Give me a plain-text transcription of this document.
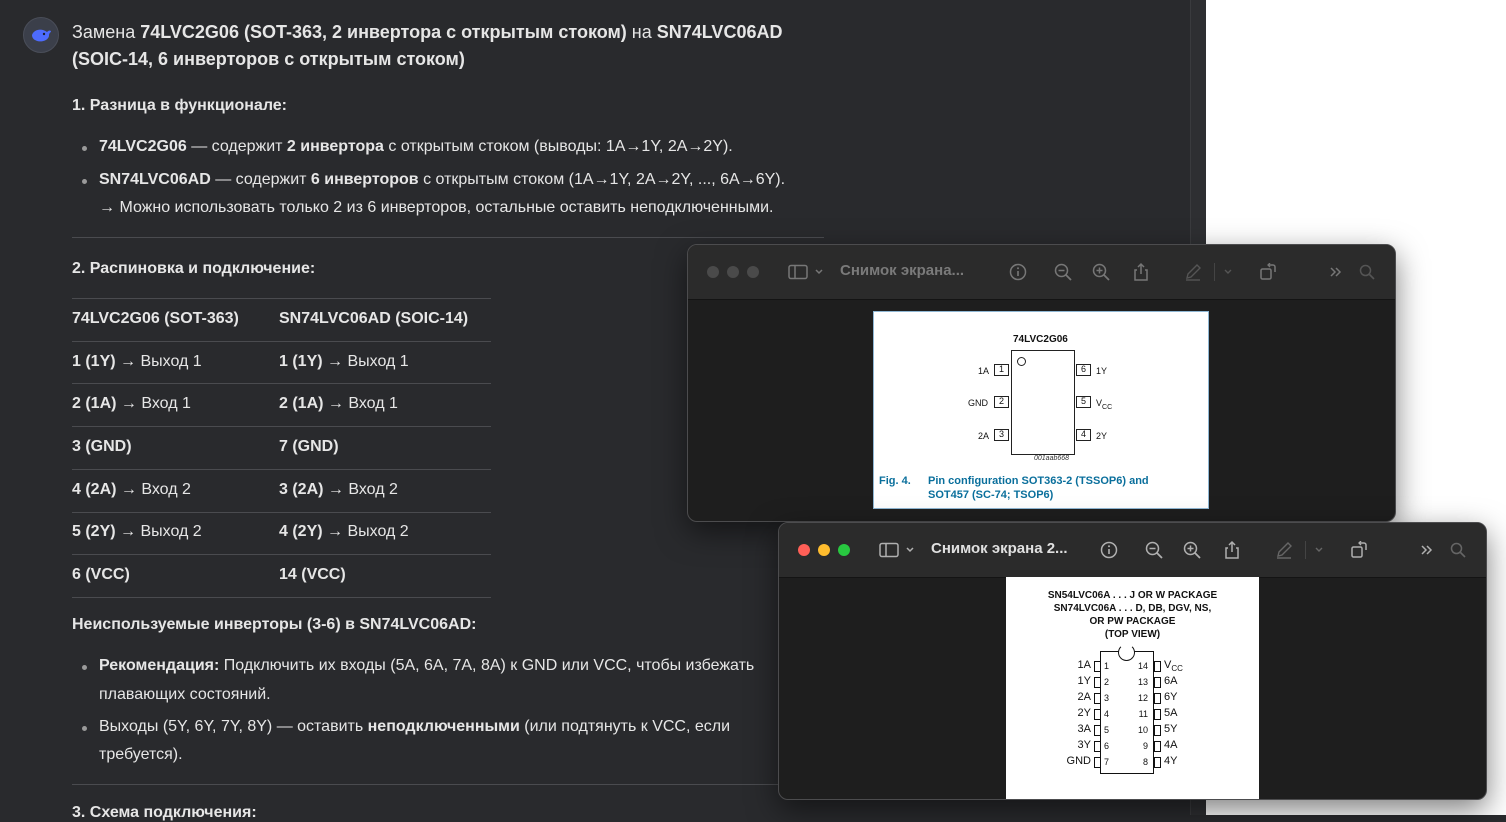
Замена 74LVC2G06 (SOT-363, 2 инвертора с открытым стоком) на SN74LVC06AD
(SOIC-14, 6 инверторов с открытым стоком)
1. Разница в функционале:
74LVC2G06 — содержит 2 инвертора с открытым стоком (выводы: 1A→1Y, 2A→2Y).
SN74LVC06AD — содержит 6 инверторов с открытым стоком (1A→1Y, 2A→2Y, ..., 6A→6Y).
→ Можно использовать только 2 из 6 инверторов, остальные оставить неподключенными.
2. Распиновка и подключение:
74LVC2G06 (SOT-363)	SN74LVC06AD (SOIC-14)
1 (1Y) → Выход 1	1 (1Y) → Выход 1
2 (1A) → Вход 1	2 (1A) → Вход 1
3 (GND)	7 (GND)
4 (2A) → Вход 2	3 (2A) → Вход 2
5 (2Y) → Выход 2	4 (2Y) → Выход 2
6 (VCC)	14 (VCC)
Неиспользуемые инверторы (3-6) в SN74LVC06AD:
Рекомендация: Подключить их входы (5A, 6A, 7A, 8A) к GND или VCC, чтобы избежать
плавающих состояний.
Выходы (5Y, 6Y, 7Y, 8Y) — оставить неподключенными (или подтянуть к VCC, если
требуется).
3. Схема подключения:
Снимок экрана...
74LVC2G06
1A	1
GND	2
2A	3
6	1Y
5	$V_{CC}$
4	2Y
001aab668
Fig. 4. Pin configuration SOT363-2 (TSSOP6) and
SOT457 (SC-74; TSOP6)
Снимок экрана 2...
SN54LVC06A . . . J OR W PACKAGE
SN74LVC06A . . . D, DB, DGV, NS,
OR PW PACKAGE
(TOP VIEW)
1A 1
1Y 2
2A 3
2Y 4
3A 5
3Y 6
GND 7
14 $V_{CC}$
13 6A
12 6Y
11 5A
10 5Y
9 4A
8 4Y
